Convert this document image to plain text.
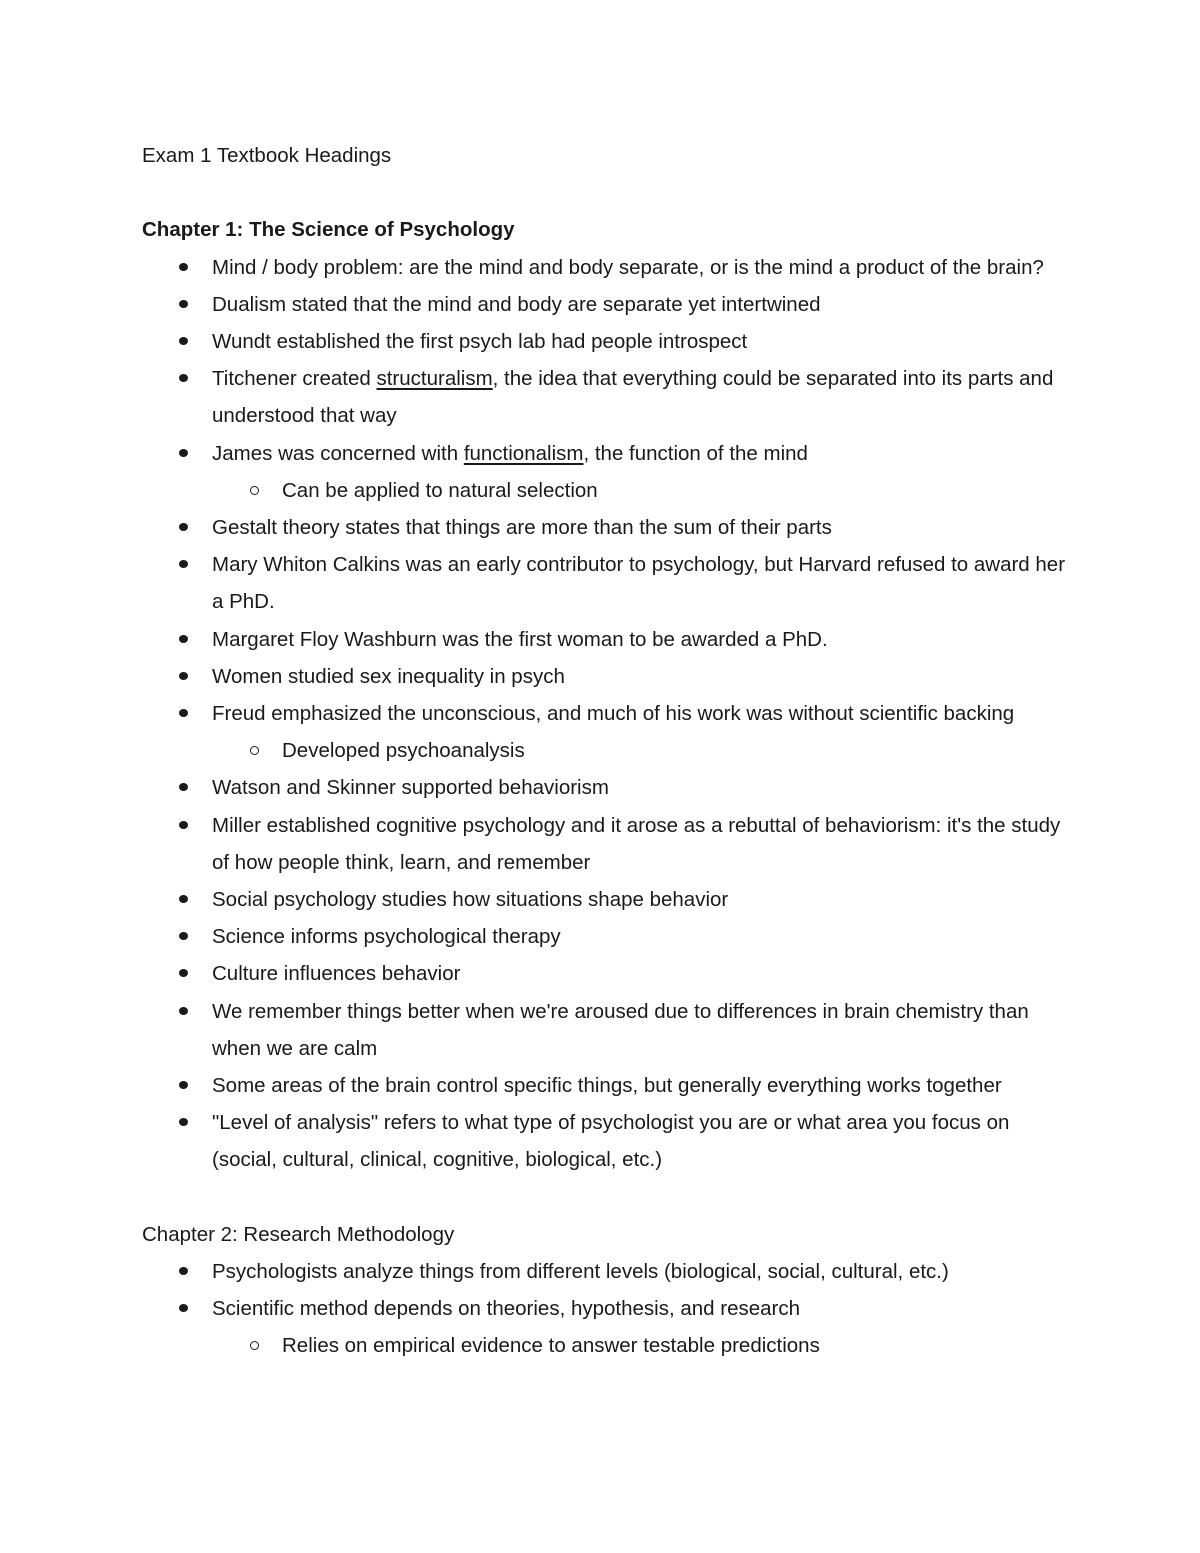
Exam 1 Textbook Headings

Chapter 1: The Science of Psychology

Mind / body problem: are the mind and body separate, or is the mind a product of the brain?
Dualism stated that the mind and body are separate yet intertwined
Wundt established the first psych lab had people introspect
Titchener created structuralism, the idea that everything could be separated into its parts and understood that way
James was concerned with functionalism, the function of the mind
Can be applied to natural selection
Gestalt theory states that things are more than the sum of their parts
Mary Whiton Calkins was an early contributor to psychology, but Harvard refused to award her a PhD.
Margaret Floy Washburn was the first woman to be awarded a PhD.
Women studied sex inequality in psych
Freud emphasized the unconscious, and much of his work was without scientific backing
Developed psychoanalysis
Watson and Skinner supported behaviorism
Miller established cognitive psychology and it arose as a rebuttal of behaviorism: it's the study of how people think, learn, and remember
Social psychology studies how situations shape behavior
Science informs psychological therapy
Culture influences behavior
We remember things better when we're aroused due to differences in brain chemistry than when we are calm
Some areas of the brain control specific things, but generally everything works together
"Level of analysis" refers to what type of psychologist you are or what area you focus on (social, cultural, clinical, cognitive, biological, etc.)

Chapter 2: Research Methodology

Psychologists analyze things from different levels (biological, social, cultural, etc.)
Scientific method depends on theories, hypothesis, and research
Relies on empirical evidence to answer testable predictions
